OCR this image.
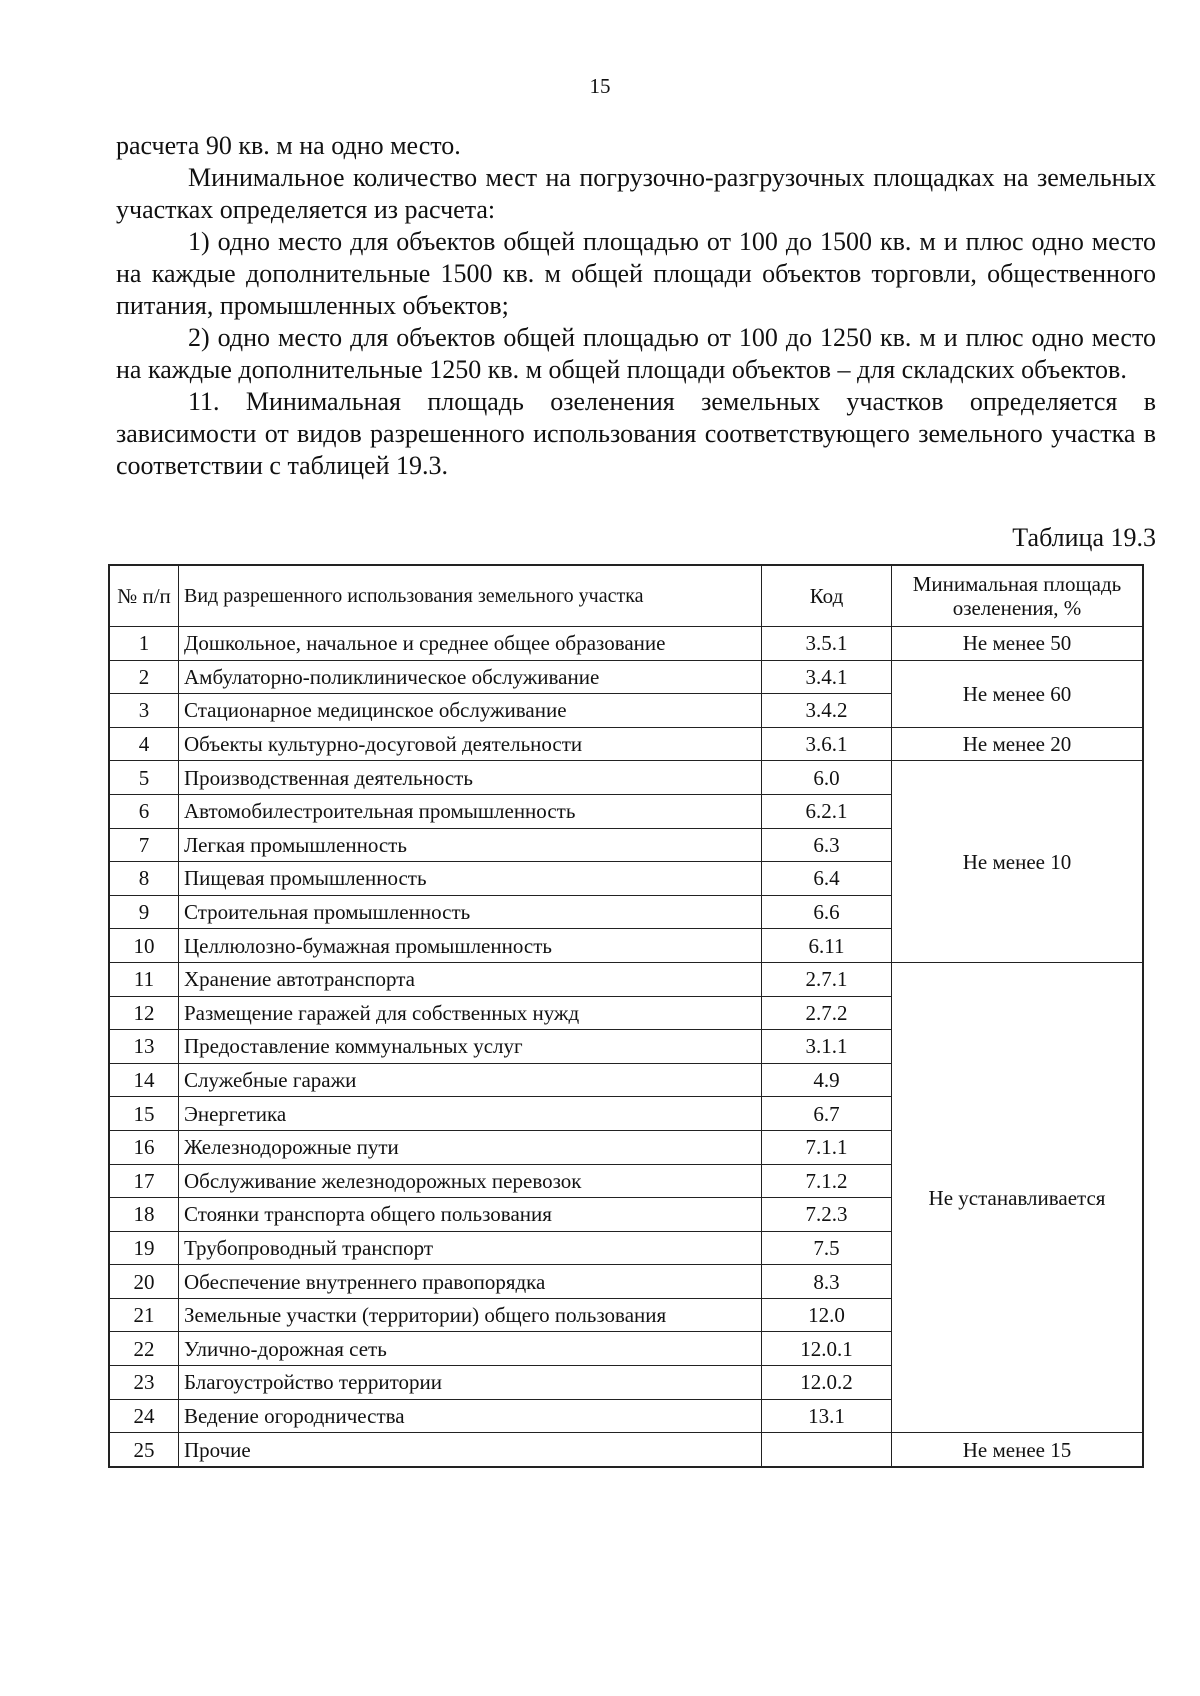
15

расчета 90 кв. м на одно место.

Минимальное количество мест на погрузочно-разгрузочных площадках на земельных участках определяется из расчета:

1) одно место для объектов общей площадью от 100 до 1500 кв. м и плюс одно место на каждые дополнительные 1500 кв. м общей площади объектов торговли, общественного питания, промышленных объектов;

2) одно место для объектов общей площадью от 100 до 1250 кв. м и плюс одно место на каждые дополнительные 1250 кв. м общей площади объектов – для складских объектов.

11. Минимальная площадь озеленения земельных участков определяется в зависимости от видов разрешенного использования соответствующего земельного участка в соответствии с таблицей 19.3.

Таблица 19.3
№ п/п	Вид разрешенного использования земельного участка	Код	Минимальная площадь озеленения, %
1	Дошкольное, начальное и среднее общее образование	3.5.1	Не менее 50
2	Амбулаторно-поликлиническое обслуживание	3.4.1	Не менее 60
3	Стационарное медицинское обслуживание	3.4.2	
4	Объекты культурно-досуговой деятельности	3.6.1	Не менее 20
5	Производственная деятельность	6.0	Не менее 10
6	Автомобилестроительная промышленность	6.2.1	
7	Легкая промышленность	6.3	
8	Пищевая промышленность	6.4	
9	Строительная промышленность	6.6	
10	Целлюлозно-бумажная промышленность	6.11	
11	Хранение автотранспорта	2.7.1	Не устанавливается
12	Размещение гаражей для собственных нужд	2.7.2	
13	Предоставление коммунальных услуг	3.1.1	
14	Служебные гаражи	4.9	
15	Энергетика	6.7	
16	Железнодорожные пути	7.1.1	
17	Обслуживание железнодорожных перевозок	7.1.2	
18	Стоянки транспорта общего пользования	7.2.3	
19	Трубопроводный транспорт	7.5	
20	Обеспечение внутреннего правопорядка	8.3	
21	Земельные участки (территории) общего пользования	12.0	
22	Улично-дорожная сеть	12.0.1	
23	Благоустройство территории	12.0.2	
24	Ведение огородничества	13.1	
25	Прочие		Не менее 15
